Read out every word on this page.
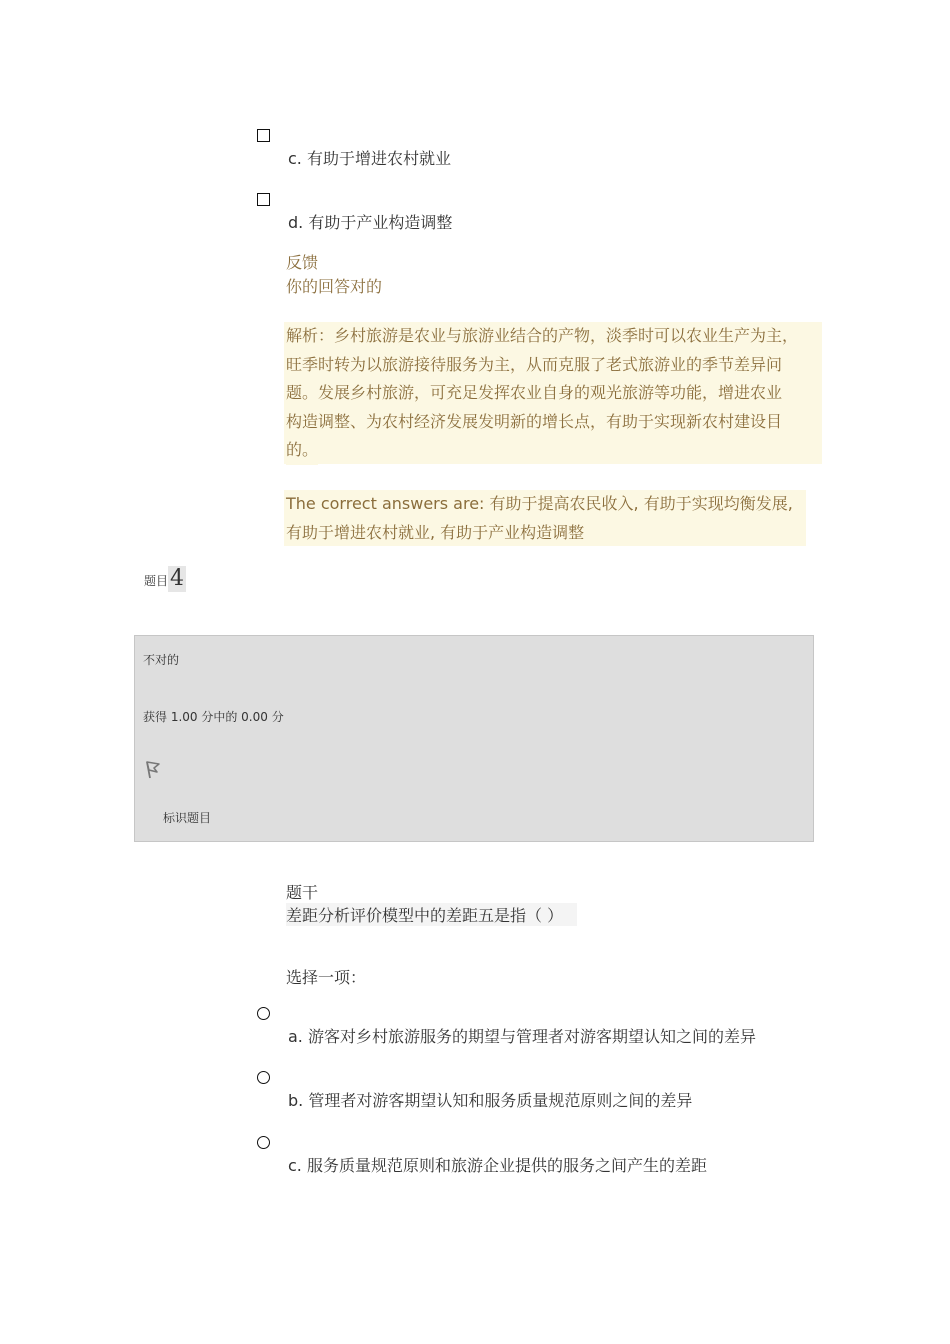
c. 有助于增进农村就业
d. 有助于产业构造调整
反馈
你的回答对的
解析：乡村旅游是农业与旅游业结合的产物，淡季时可以农业生产为主，
旺季时转为以旅游接待服务为主，从而克服了老式旅游业的季节差异问
题。发展乡村旅游，可充足发挥农业自身的观光旅游等功能，增进农业
构造调整、为农村经济发展发明新的增长点，有助于实现新农村建设目
的。
The correct answers are: 有助于提高农民收入, 有助于实现均衡发展,
有助于增进农村就业, 有助于产业构造调整
题目4
不对的
获得 1.00 分中的 0.00 分
标识题目
题干
差距分析评价模型中的差距五是指（ ）
选择一项：
a. 游客对乡村旅游服务的期望与管理者对游客期望认知之间的差异
b. 管理者对游客期望认知和服务质量规范原则之间的差异
c. 服务质量规范原则和旅游企业提供的服务之间产生的差距
